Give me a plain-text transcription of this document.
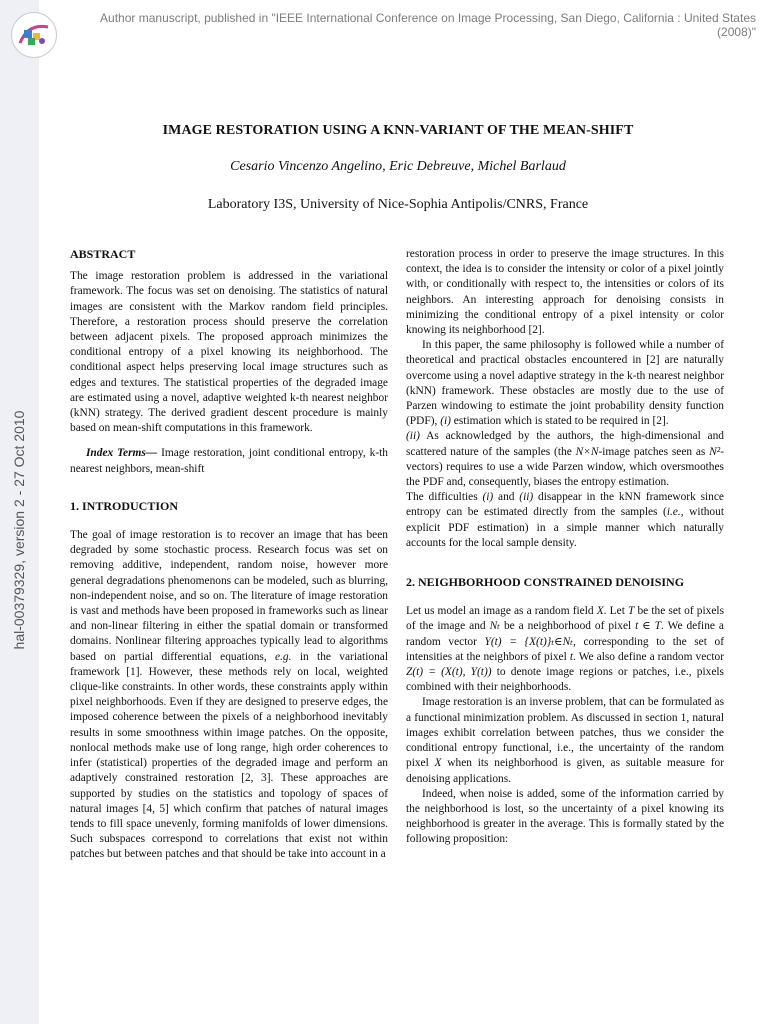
hal-00379329, version 2 - 27 Oct 2010
Author manuscript, published in "IEEE International Conference on Image Processing, San Diego, California : United States
(2008)"
IMAGE RESTORATION USING A KNN-VARIANT OF THE MEAN-SHIFT
Cesario Vincenzo Angelino, Eric Debreuve, Michel Barlaud
Laboratory I3S, University of Nice-Sophia Antipolis/CNRS, France

ABSTRACT

The image restoration problem is addressed in the variational framework. The focus was set on denoising. The statistics of natural images are consistent with the Markov random field principles. Therefore, a restoration process should preserve the correlation between adjacent pixels. The proposed approach minimizes the conditional entropy of a pixel knowing its neighborhood. The conditional aspect helps preserving local image structures such as edges and textures. The statistical properties of the degraded image are estimated using a novel, adaptive weighted k-th nearest neighbor (kNN) strategy. The derived gradient descent procedure is mainly based on mean-shift computations in this framework.

Index Terms— Image restoration, joint conditional entropy, k-th nearest neighbors, mean-shift

1. INTRODUCTION

The goal of image restoration is to recover an image that has been degraded by some stochastic process. Research focus was set on removing additive, independent, random noise, however more general degradations phenomenons can be modeled, such as blurring, non-independent noise, and so on. The literature of image restoration is vast and methods have been proposed in frameworks such as linear and non-linear filtering in either the spatial domain or transformed domains. Nonlinear filtering approaches typically lead to algorithms based on partial differential equations, e.g. in the variational framework [1]. However, these methods rely on local, weighted clique-like constraints. In other words, these constraints apply within pixel neighborhoods. Even if they are designed to preserve edges, the imposed coherence between the pixels of a neighborhood inevitably results in some smoothness within image patches. On the opposite, nonlocal methods make use of long range, high order coherences to infer (statistical) properties of the degraded image and perform an adaptively constrained restoration [2, 3]. These approaches are supported by studies on the statistics and topology of spaces of natural images [4, 5] which confirm that patches of natural images tends to fill space unevenly, forming manifolds of lower dimensions. Such subspaces correspond to correlations that exist not within patches but between patches and that should be take into account in a

restoration process in order to preserve the image structures. In this context, the idea is to consider the intensity or color of a pixel jointly with, or conditionally with respect to, the intensities or colors of its neighbors. An interesting approach for denoising consists in minimizing the conditional entropy of a pixel intensity or color knowing its neighborhood [2].

In this paper, the same philosophy is followed while a number of theoretical and practical obstacles encountered in [2] are naturally overcome using a novel adaptive strategy in the k-th nearest neighbor (kNN) framework. These obstacles are mostly due to the use of Parzen windowing to estimate the joint probability density function (PDF), (i) estimation which is stated to be required in [2].

(ii) As acknowledged by the authors, the high-dimensional and scattered nature of the samples (the N×N-image patches seen as N²-vectors) requires to use a wide Parzen window, which oversmoothes the PDF and, consequently, biases the entropy estimation.

The difficulties (i) and (ii) disappear in the kNN framework since entropy can be estimated directly from the samples (i.e., without explicit PDF estimation) in a simple manner which naturally accounts for the local sample density.

2. NEIGHBORHOOD CONSTRAINED DENOISING

Let us model an image as a random field X. Let T be the set of pixels of the image and Nₜ be a neighborhood of pixel t ∈ T. We define a random vector Y(t) = {X(t)}ₜ∈Nₜ, corresponding to the set of intensities at the neighbors of pixel t. We also define a random vector Z(t) = (X(t), Y(t)) to denote image regions or patches, i.e., pixels combined with their neighborhoods.

Image restoration is an inverse problem, that can be formulated as a functional minimization problem. As discussed in section 1, natural images exhibit correlation between patches, thus we consider the conditional entropy functional, i.e., the uncertainty of the random pixel X when its neighborhood is given, as suitable measure for denoising applications.

Indeed, when noise is added, some of the information carried by the neighborhood is lost, so the uncertainty of a pixel knowing its neighborhood is greater in the average. This is formally stated by the following proposition:
